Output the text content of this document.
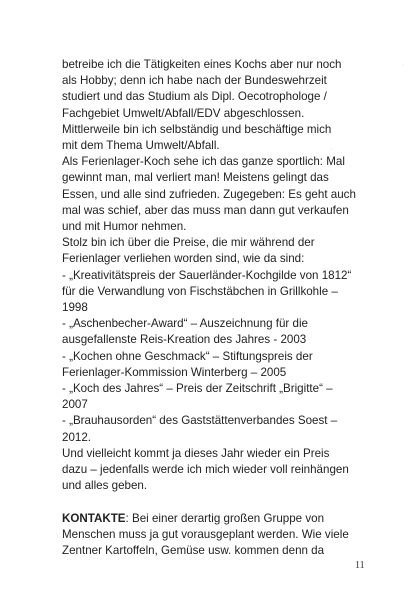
betreibe ich die Tätigkeiten eines Kochs aber nur noch
als Hobby; denn ich habe nach der Bundeswehrzeit
studiert und das Studium als Dipl. Oecotrophologe /
Fachgebiet Umwelt/Abfall/EDV abgeschlossen.
Mittlerweile bin ich selbständig und beschäftige mich
mit dem Thema Umwelt/Abfall.
Als Ferienlager-Koch sehe ich das ganze sportlich: Mal
gewinnt man, mal verliert man! Meistens gelingt das
Essen, und alle sind zufrieden. Zugegeben: Es geht auch
mal was schief, aber das muss man dann gut verkaufen
und mit Humor nehmen.
Stolz bin ich über die Preise, die mir während der
Ferienlager verliehen worden sind, wie da sind:
- „Kreativitätspreis der Sauerländer-Kochgilde von 1812“
für die Verwandlung von Fischstäbchen in Grillkohle –
1998
- „Aschenbecher-Award“ – Auszeichnung für die
ausgefallenste Reis-Kreation des Jahres - 2003
- „Kochen ohne Geschmack“ – Stiftungspreis der
Ferienlager-Kommission Winterberg – 2005
- „Koch des Jahres“ – Preis der Zeitschrift „Brigitte“ –
2007
- „Brauhausorden“ des Gaststättenverbandes Soest –
2012.
Und vielleicht kommt ja dieses Jahr wieder ein Preis
dazu – jedenfalls werde ich mich wieder voll reinhängen
und alles geben.
KONTAKTE: Bei einer derartig großen Gruppe von
Menschen muss ja gut vorausgeplant werden. Wie viele
Zentner Kartoffeln, Gemüse usw. kommen denn da
11
·
·
